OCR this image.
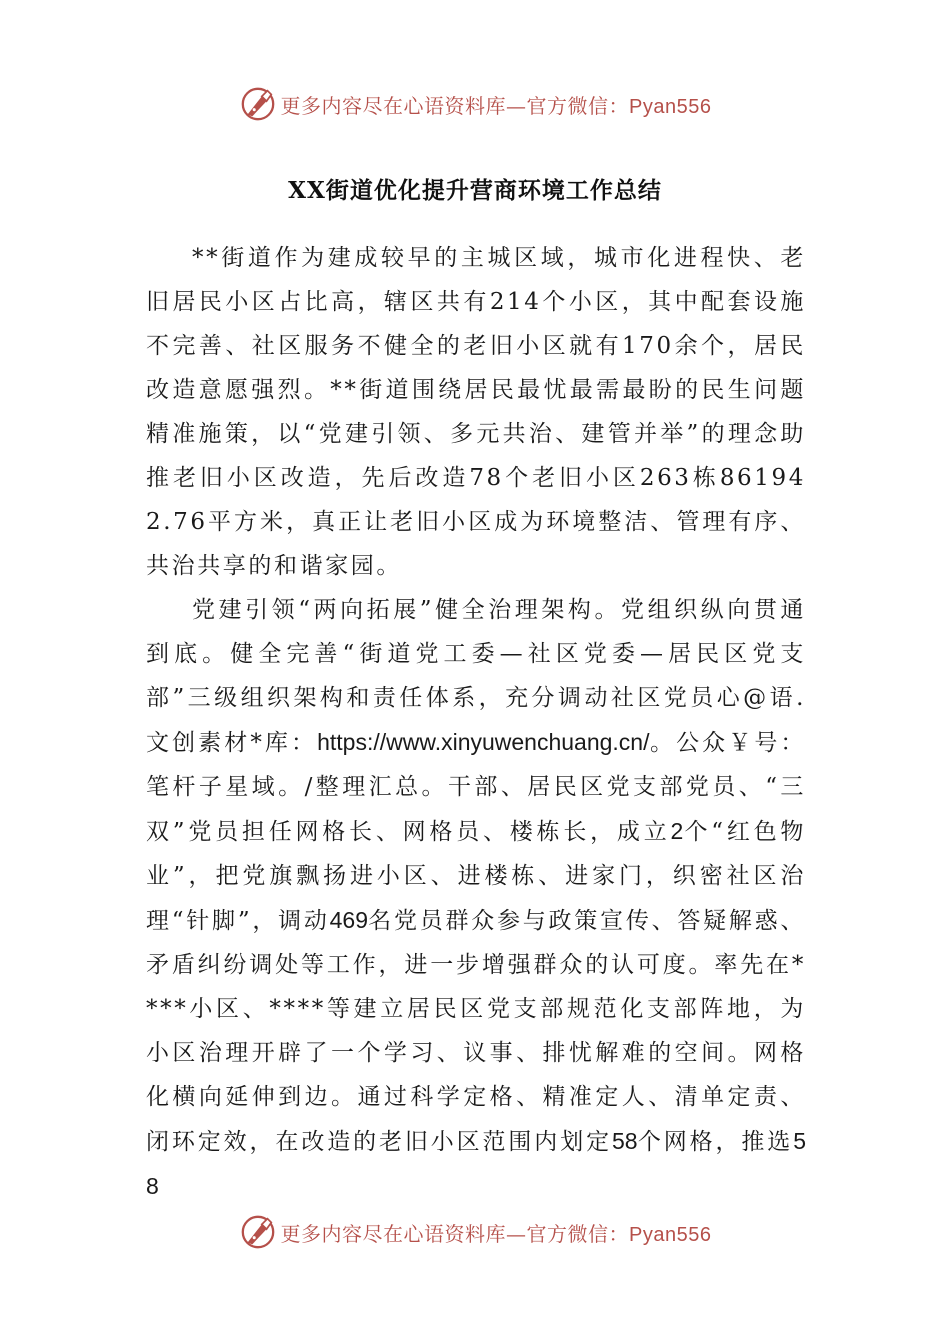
更多内容尽在心语资料库—官方微信：Pyan556
XX街道优化提升营商环境工作总结

**街道作为建成较早的主城区域，城市化进程快、老旧居民小区占比高，辖区共有214个小区，其中配套设施不完善、社区服务不健全的老旧小区就有170余个，居民改造意愿强烈。**街道围绕居民最忧最需最盼的民生问题精准施策，以“党建引领、多元共治、建管并举”的理念助推老旧小区改造，先后改造78个老旧小区263栋861942.76平方米，真正让老旧小区成为环境整洁、管理有序、共治共享的和谐家园。

党建引领“两向拓展”健全治理架构。党组织纵向贯通到底。健全完善“街道党工委—社区党委—居民区党支部”三级组织架构和责任体系，充分调动社区党员心@语.文创素材*库：https://www.xinyuwenchuang.cn/。公众￥号：笔杆子星域。/整理汇总。干部、居民区党支部党员、“三双”党员担任网格长、网格员、楼栋长，成立2个“红色物业”，把党旗飘扬进小区、进楼栋、进家门，织密社区治理“针脚”，调动469名党员群众参与政策宣传、答疑解惑、矛盾纠纷调处等工作，进一步增强群众的认可度。率先在****小区、****等建立居民区党支部规范化支部阵地，为小区治理开辟了一个学习、议事、排忧解难的空间。网格化横向延伸到边。通过科学定格、精准定人、清单定责、闭环定效，在改造的老旧小区范围内划定58个网格，推选58

更多内容尽在心语资料库—官方微信：Pyan556
